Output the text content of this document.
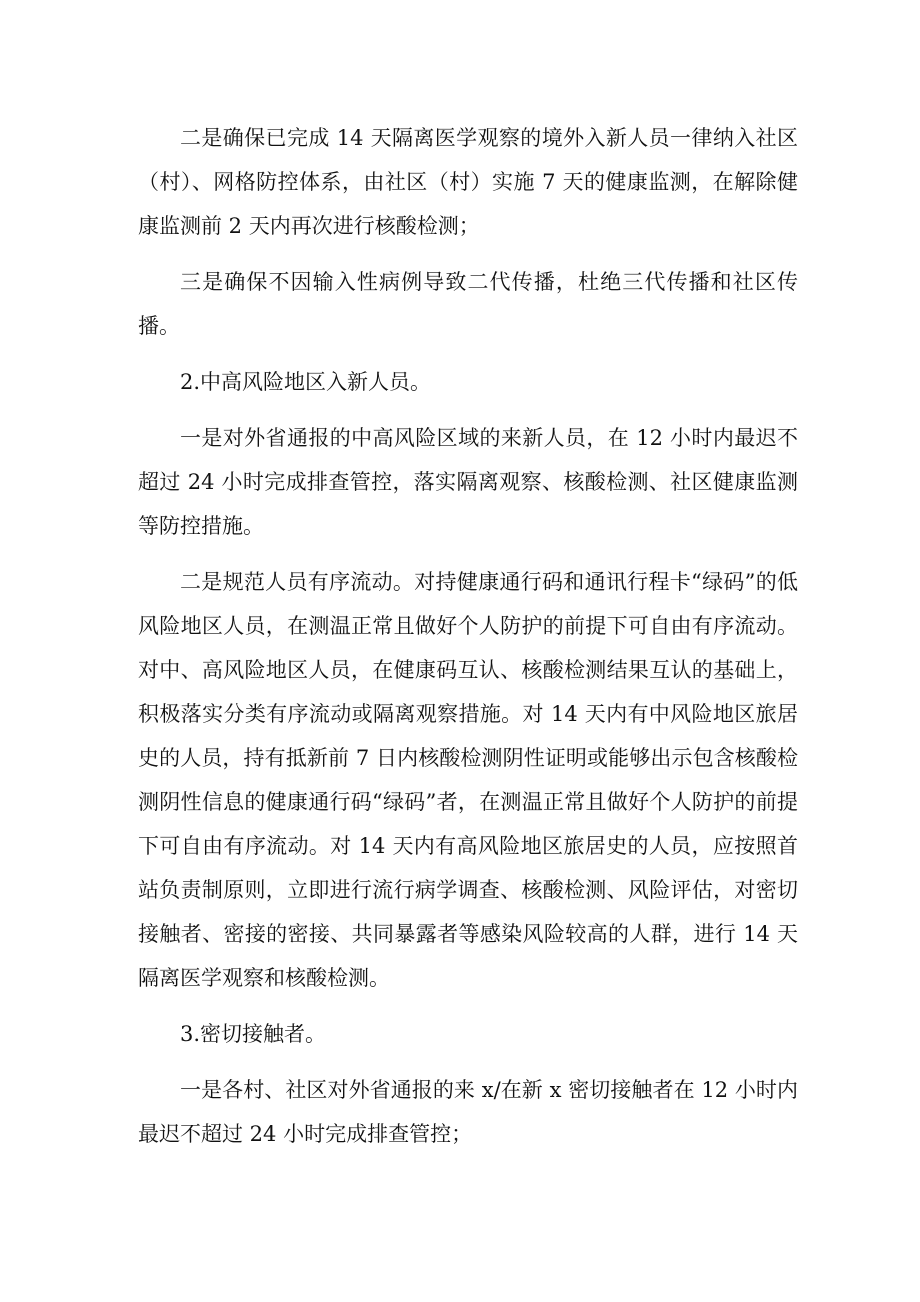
二是确保已完成 14 天隔离医学观察的境外入新人员一律纳入社区（村）、网格防控体系，由社区（村）实施 7 天的健康监测，在解除健康监测前 2 天内再次进行核酸检测；

三是确保不因输入性病例导致二代传播，杜绝三代传播和社区传播。

2.中高风险地区入新人员。

一是对外省通报的中高风险区域的来新人员，在 12 小时内最迟不超过 24 小时完成排查管控，落实隔离观察、核酸检测、社区健康监测等防控措施。

二是规范人员有序流动。对持健康通行码和通讯行程卡“绿码”的低风险地区人员，在测温正常且做好个人防护的前提下可自由有序流动。对中、高风险地区人员，在健康码互认、核酸检测结果互认的基础上，积极落实分类有序流动或隔离观察措施。对 14 天内有中风险地区旅居史的人员，持有抵新前 7 日内核酸检测阴性证明或能够出示包含核酸检测阴性信息的健康通行码“绿码”者，在测温正常且做好个人防护的前提下可自由有序流动。对 14 天内有高风险地区旅居史的人员，应按照首站负责制原则，立即进行流行病学调查、核酸检测、风险评估，对密切接触者、密接的密接、共同暴露者等感染风险较高的人群，进行 14 天隔离医学观察和核酸检测。

3.密切接触者。

一是各村、社区对外省通报的来 x/在新 x 密切接触者在 12 小时内最迟不超过 24 小时完成排查管控；
